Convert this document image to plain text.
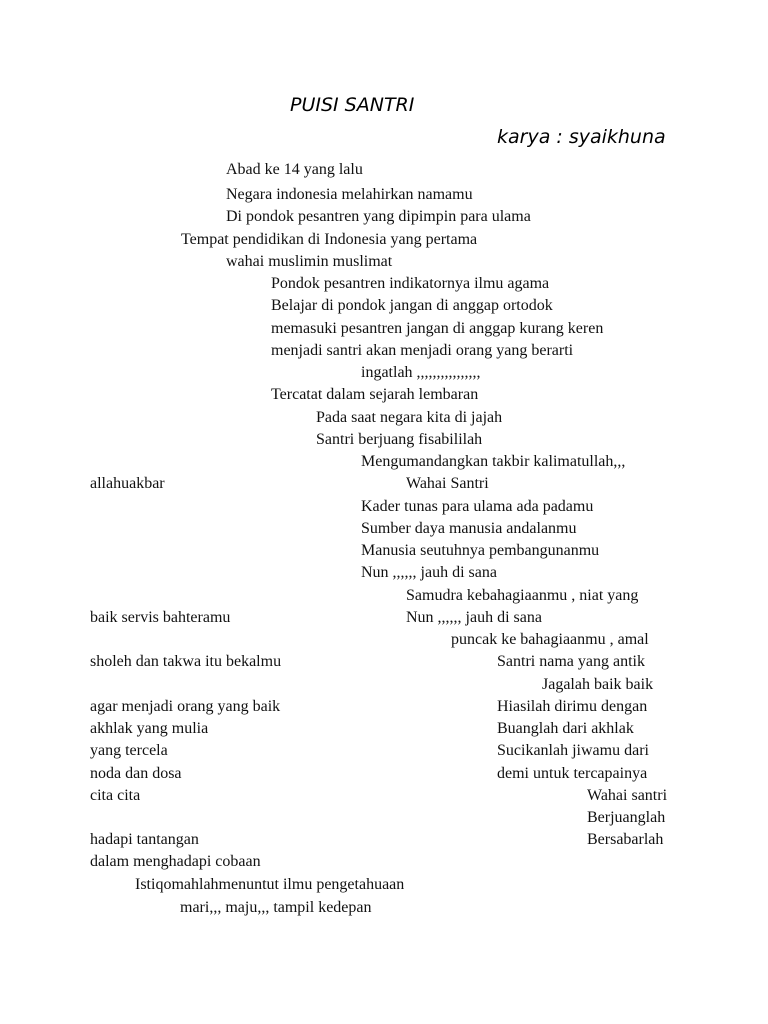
PUISI SANTRI
karya : syaikhuna
Abad ke 14 yang lalu
Negara indonesia melahirkan namamu
Di pondok pesantren yang dipimpin para ulama
Tempat pendidikan di Indonesia yang pertama
wahai muslimin muslimat
Pondok pesantren indikatornya ilmu agama
Belajar di pondok jangan di anggap ortodok
memasuki pesantren jangan di anggap kurang keren
menjadi santri akan menjadi orang yang berarti
ingatlah ,,,,,,,,,,,,,,,,
Tercatat dalam sejarah lembaran
Pada saat negara kita di jajah
Santri berjuang fisabililah
Mengumandangkan takbir kalimatullah,,,
allahuakbar	Wahai Santri
Kader tunas para ulama ada padamu
Sumber daya manusia andalanmu
Manusia seutuhnya pembangunanmu
Nun ,,,,,, jauh di sana
Samudra kebahagiaanmu , niat yang
baik servis bahteramu	Nun ,,,,,, jauh di sana
puncak ke bahagiaanmu , amal
sholeh dan takwa itu bekalmu	Santri nama yang antik
Jagalah baik baik
agar menjadi orang yang baik	Hiasilah dirimu dengan
akhlak yang mulia	Buanglah dari akhlak
yang tercela	Sucikanlah jiwamu dari
noda dan dosa	demi untuk tercapainya
cita cita	Wahai santri
Berjuanglah
hadapi tantangan	Bersabarlah
dalam menghadapi cobaan
Istiqomahlahmenuntut ilmu pengetahuaan
mari,,, maju,,, tampil kedepan
